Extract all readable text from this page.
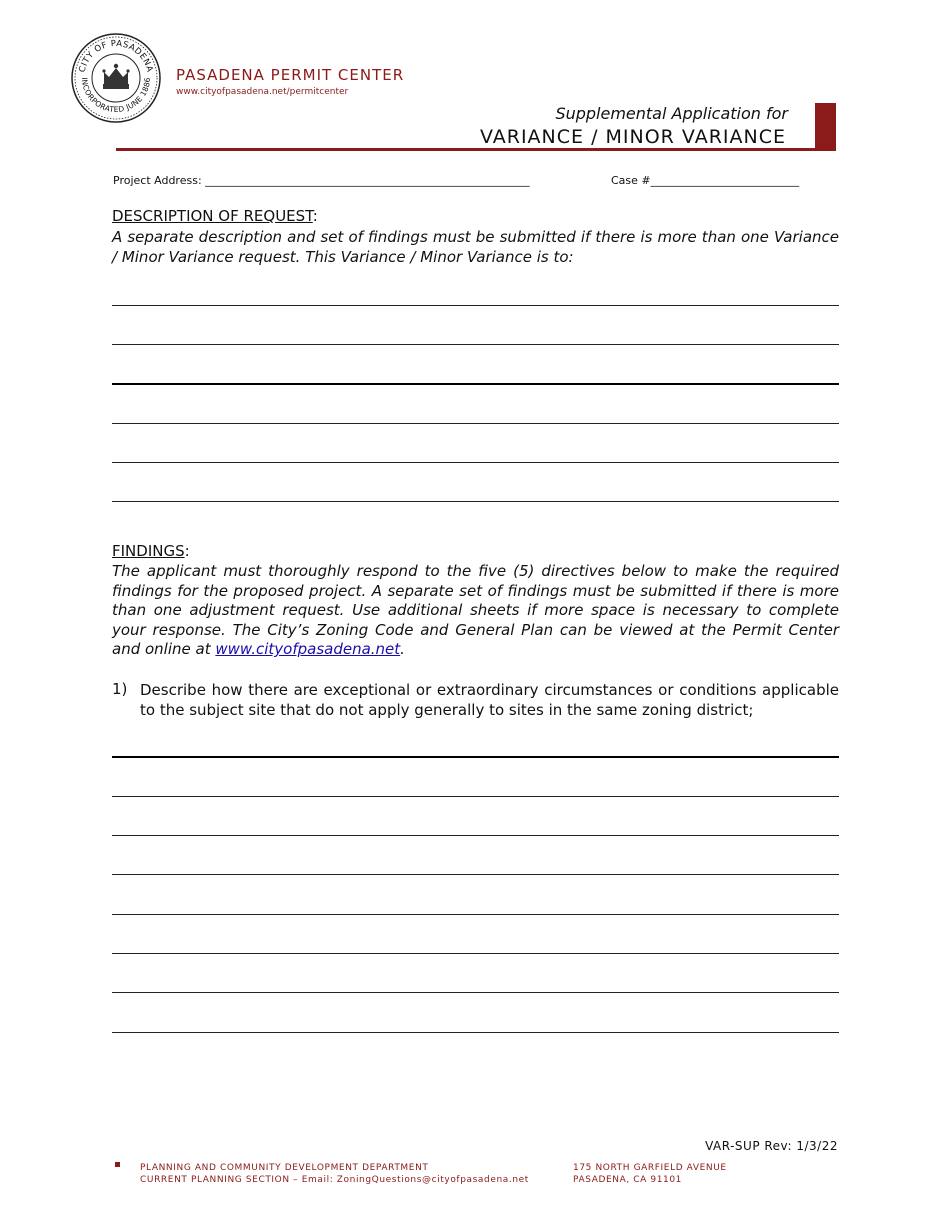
CITY OF PASADENA
INCORPORATED JUNE 1886 PASADENA PERMIT CENTER
www.cityofpasadena.net/permitcenter
Supplemental Application for
VARIANCE / MINOR VARIANCE
Project Address: ___________________________________________________________	Case #___________________________
DESCRIPTION OF REQUEST:
A separate description and set of findings must be submitted if there is more than one Variance / Minor Variance request. This Variance / Minor Variance is to:
FINDINGS:
The applicant must thoroughly respond to the five (5) directives below to make the required findings for the proposed project. A separate set of findings must be submitted if there is more than one adjustment request. Use additional sheets if more space is necessary to complete your response. The City’s Zoning Code and General Plan can be viewed at the Permit Center and online at www.cityofpasadena.net.
1) Describe how there are exceptional or extraordinary circumstances or conditions applicable to the subject site that do not apply generally to sites in the same zoning district;
VAR-SUP Rev: 1/3/22
PLANNING AND COMMUNITY DEVELOPMENT DEPARTMENT
CURRENT PLANNING SECTION – Email: ZoningQuestions@cityofpasadena.net
175 NORTH GARFIELD AVENUE
PASADENA, CA 91101
